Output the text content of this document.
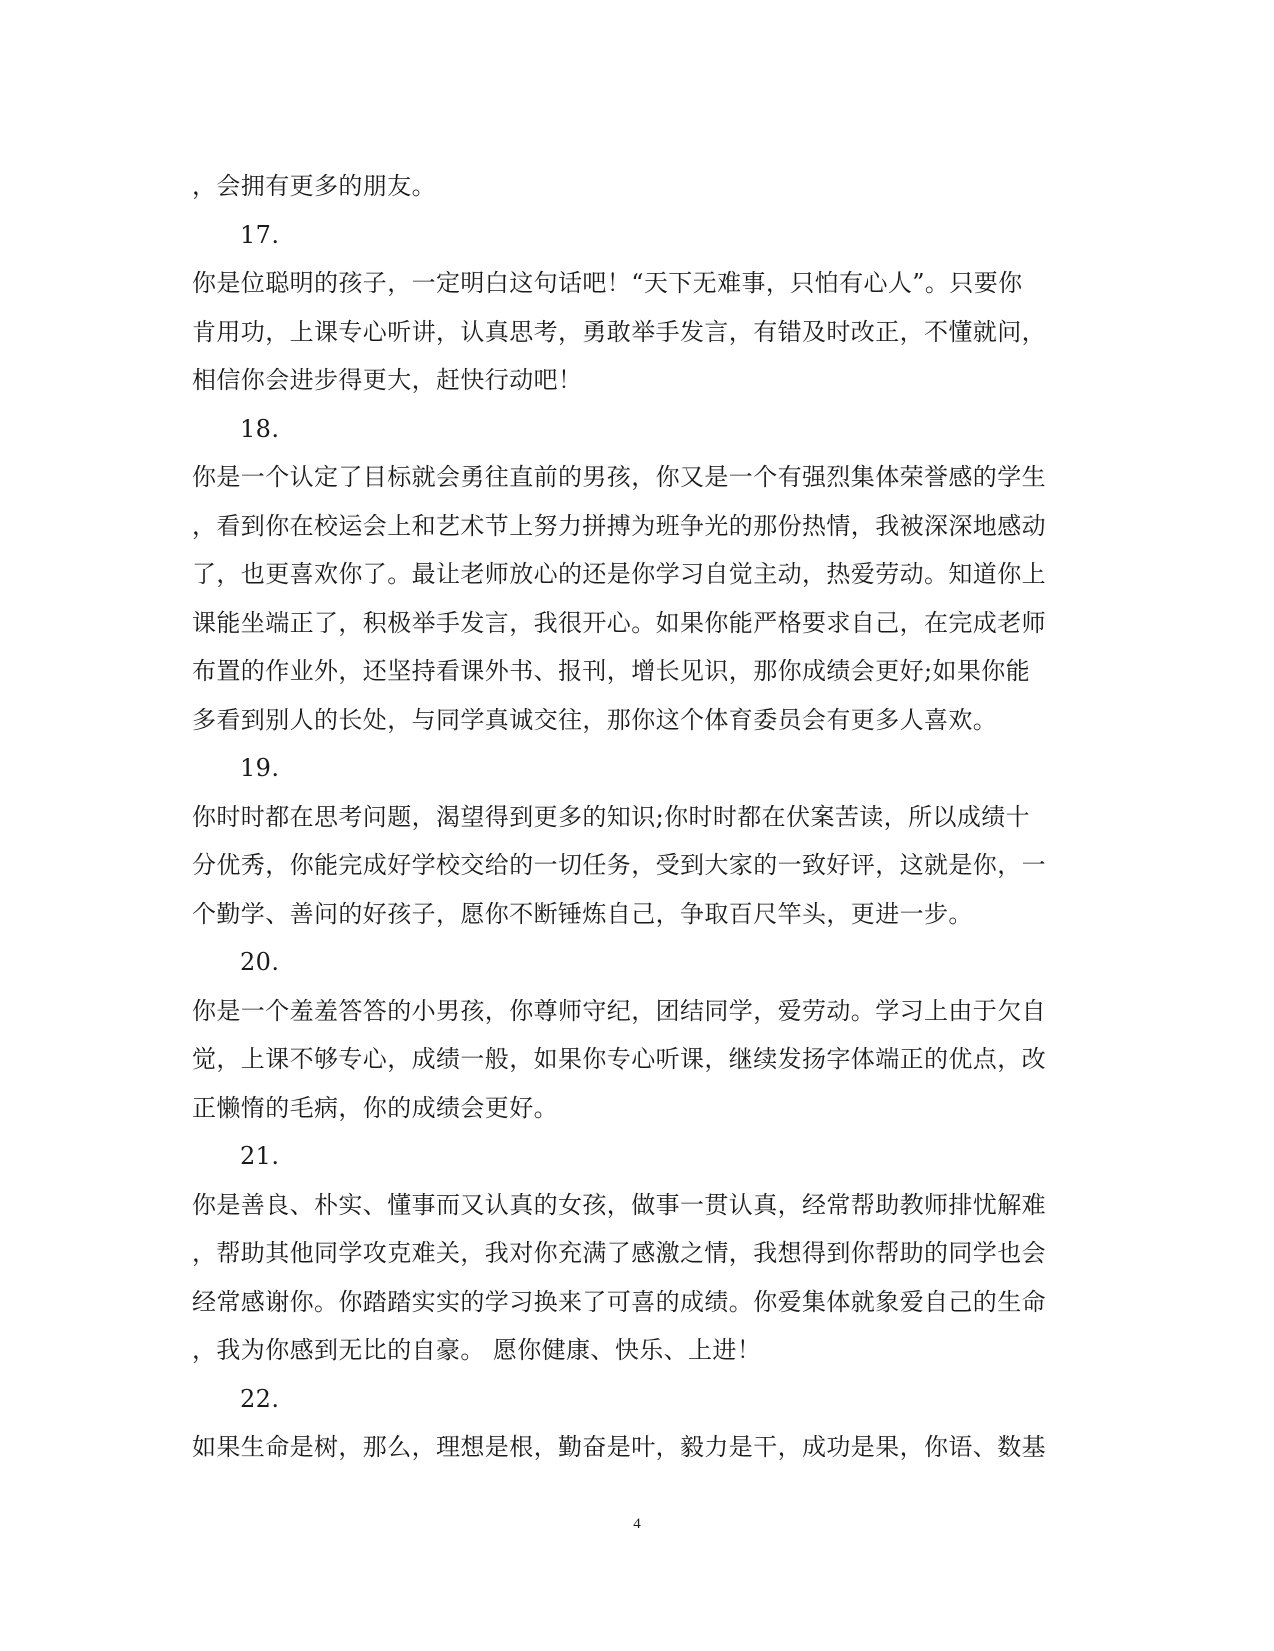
，会拥有更多的朋友。
17.
你是位聪明的孩子，一定明白这句话吧！“天下无难事，只怕有心人”。只要你
肯用功，上课专心听讲，认真思考，勇敢举手发言，有错及时改正，不懂就问，
相信你会进步得更大，赶快行动吧！
18.
你是一个认定了目标就会勇往直前的男孩，你又是一个有强烈集体荣誉感的学生
，看到你在校运会上和艺术节上努力拼搏为班争光的那份热情，我被深深地感动
了，也更喜欢你了。最让老师放心的还是你学习自觉主动，热爱劳动。知道你上
课能坐端正了，积极举手发言，我很开心。如果你能严格要求自己，在完成老师
布置的作业外，还坚持看课外书、报刊，增长见识，那你成绩会更好;如果你能
多看到别人的长处，与同学真诚交往，那你这个体育委员会有更多人喜欢。
19.
你时时都在思考问题，渴望得到更多的知识;你时时都在伏案苦读，所以成绩十
分优秀，你能完成好学校交给的一切任务，受到大家的一致好评，这就是你，一
个勤学、善问的好孩子，愿你不断锤炼自己，争取百尺竿头，更进一步。
20.
你是一个羞羞答答的小男孩，你尊师守纪，团结同学，爱劳动。学习上由于欠自
觉，上课不够专心，成绩一般，如果你专心听课，继续发扬字体端正的优点，改
正懒惰的毛病，你的成绩会更好。
21.
你是善良、朴实、懂事而又认真的女孩，做事一贯认真，经常帮助教师排忧解难
，帮助其他同学攻克难关，我对你充满了感激之情，我想得到你帮助的同学也会
经常感谢你。你踏踏实实的学习换来了可喜的成绩。你爱集体就象爱自己的生命
，我为你感到无比的自豪。 愿你健康、快乐、上进！
22.
如果生命是树，那么，理想是根，勤奋是叶，毅力是干，成功是果，你语、数基
4
